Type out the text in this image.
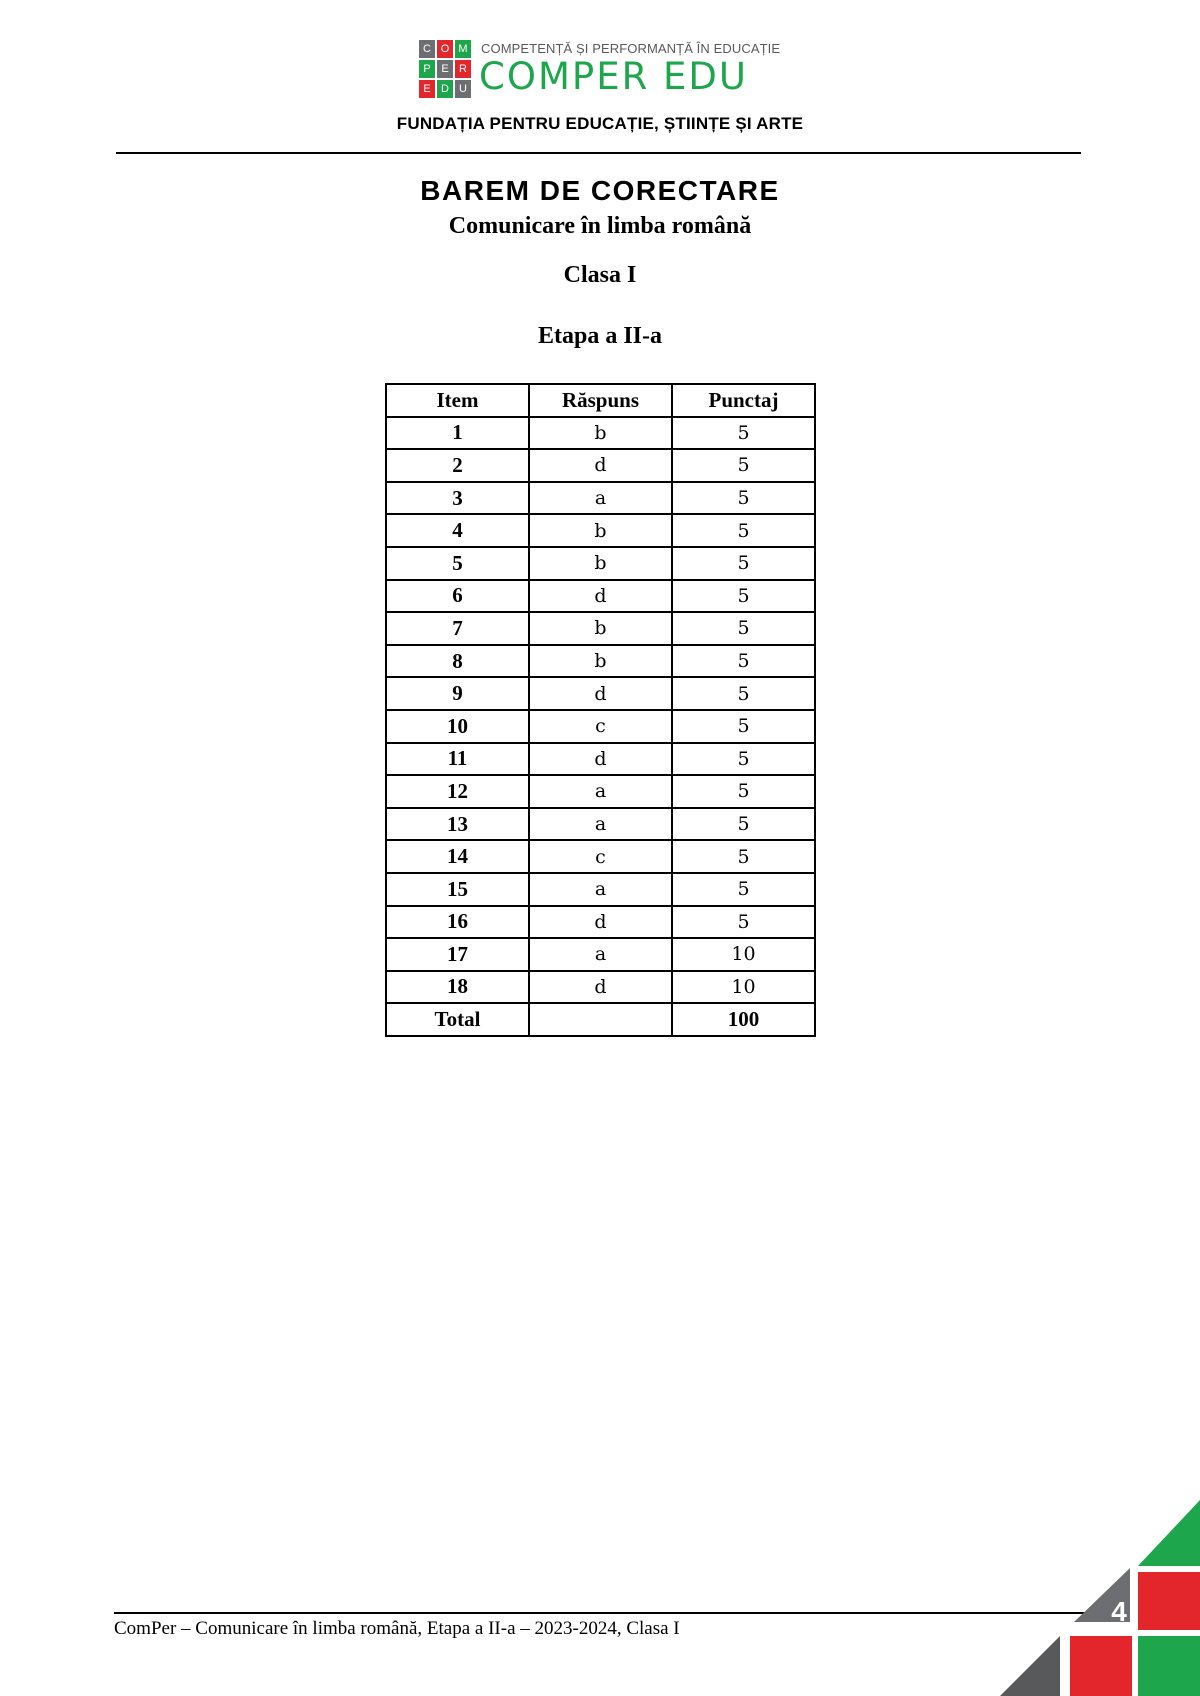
C O M
P E R
E D U
COMPETENȚĂ ȘI PERFORMANȚĂ ÎN EDUCAȚIE
COMPER EDU
FUNDAȚIA PENTRU EDUCAȚIE, ȘTIINȚE ȘI ARTE
BAREM DE CORECTARE
Comunicare în limba română
Clasa I
Etapa a II-a
Item	Răspuns	Punctaj
1	b	5
2	d	5
3	a	5
4	b	5
5	b	5
6	d	5
7	b	5
8	b	5
9	d	5
10	c	5
11	d	5
12	a	5
13	a	5
14	c	5
15	a	5
16	d	5
17	a	10
18	d	10
Total		100
ComPer – Comunicare în limba română, Etapa a II-a – 2023-2024, Clasa I
4
